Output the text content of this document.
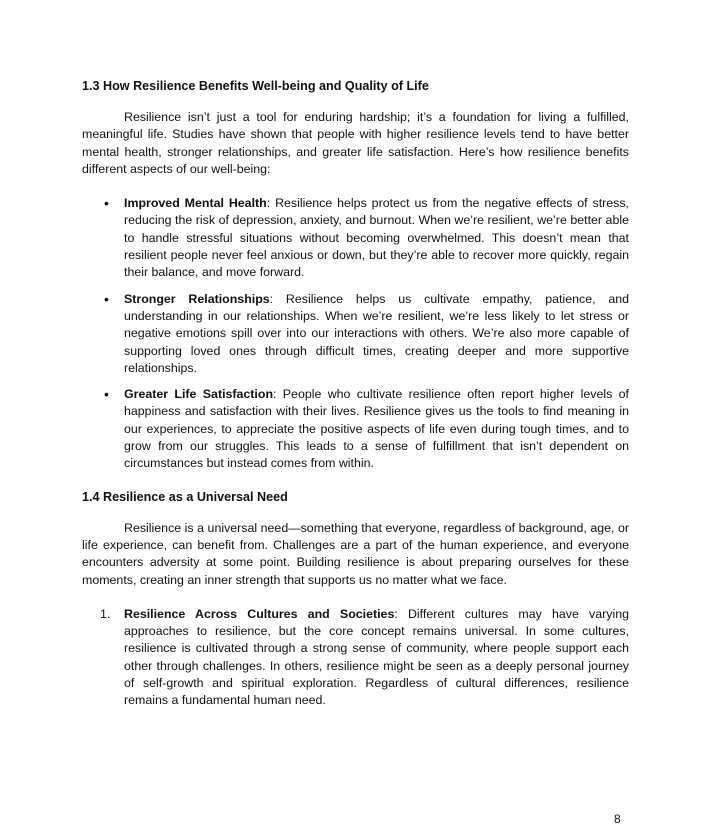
1.3 How Resilience Benefits Well-being and Quality of Life

Resilience isn’t just a tool for enduring hardship; it’s a foundation for living a fulfilled, meaningful life. Studies have shown that people with higher resilience levels tend to have better mental health, stronger relationships, and greater life satisfaction. Here’s how resilience benefits different aspects of our well-being:

•	Improved Mental Health: Resilience helps protect us from the negative effects of stress, reducing the risk of depression, anxiety, and burnout. When we’re resilient, we’re better able to handle stressful situations without becoming overwhelmed. This doesn’t mean that resilient people never feel anxious or down, but they’re able to recover more quickly, regain their balance, and move forward.
•	Stronger Relationships: Resilience helps us cultivate empathy, patience, and understanding in our relationships. When we’re resilient, we’re less likely to let stress or negative emotions spill over into our interactions with others. We’re also more capable of supporting loved ones through difficult times, creating deeper and more supportive relationships.
•	Greater Life Satisfaction: People who cultivate resilience often report higher levels of happiness and satisfaction with their lives. Resilience gives us the tools to find meaning in our experiences, to appreciate the positive aspects of life even during tough times, and to grow from our struggles. This leads to a sense of fulfillment that isn’t dependent on circumstances but instead comes from within.
1.4 Resilience as a Universal Need

Resilience is a universal need—something that everyone, regardless of background, age, or life experience, can benefit from. Challenges are a part of the human experience, and everyone encounters adversity at some point. Building resilience is about preparing ourselves for these moments, creating an inner strength that supports us no matter what we face.

1.	Resilience Across Cultures and Societies: Different cultures may have varying approaches to resilience, but the core concept remains universal. In some cultures, resilience is cultivated through a strong sense of community, where people support each other through challenges. In others, resilience might be seen as a deeply personal journey of self-growth and spiritual exploration. Regardless of cultural differences, resilience remains a fundamental human need.
8
